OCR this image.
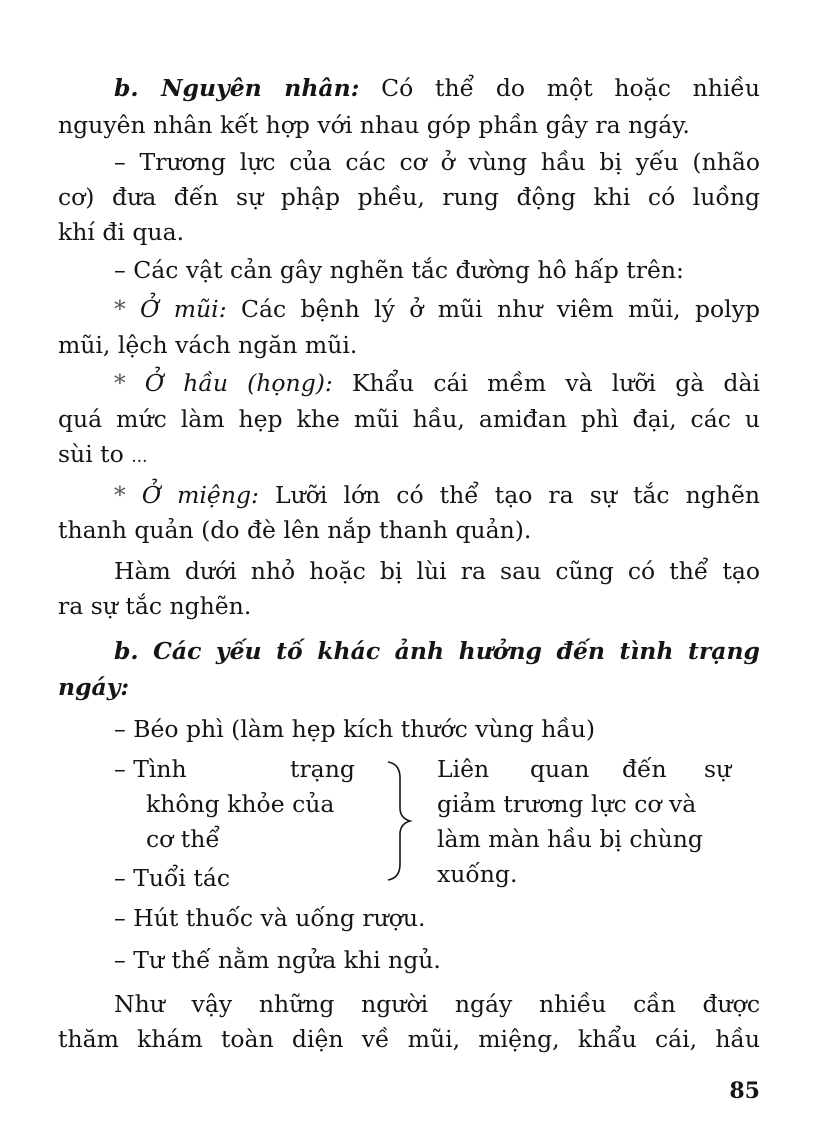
b. Nguyên nhân: Có thể do một hoặc nhiều
nguyên nhân kết hợp với nhau góp phần gây ra ngáy.
– Trương lực của các cơ ở vùng hầu bị yếu (nhão
cơ) đưa đến sự phập phều, rung động khi có luồng
khí đi qua.
– Các vật cản gây nghẽn tắc đường hô hấp trên:
* Ở mũi: Các bệnh lý ở mũi như viêm mũi, polyp
mũi, lệch vách ngăn mũi.
* Ở hầu (họng): Khẩu cái mềm và lưỡi gà dài
quá mức làm hẹp khe mũi hầu, amiđan phì đại, các u
sùi to ...
* Ở miệng: Lưỡi lớn có thể tạo ra sự tắc nghẽn
thanh quản (do đè lên nắp thanh quản).
Hàm dưới nhỏ hoặc bị lùi ra sau cũng có thể tạo
ra sự tắc nghẽn.
b. Các yếu tố khác ảnh hưởng đến tình trạng
ngáy:
– Béo phì (làm hẹp kích thước vùng hầu)
– Tình	trạng
không khỏe của
cơ thể
– Tuổi tác
Liên quan đến sự
giảm trương lực cơ và
làm màn hầu bị chùng
xuống.
– Hút thuốc và uống rượu.
– Tư thế nằm ngửa khi ngủ.
Như vậy những người ngáy nhiều cần được
thăm khám toàn diện về mũi, miệng, khẩu cái, hầu
85
